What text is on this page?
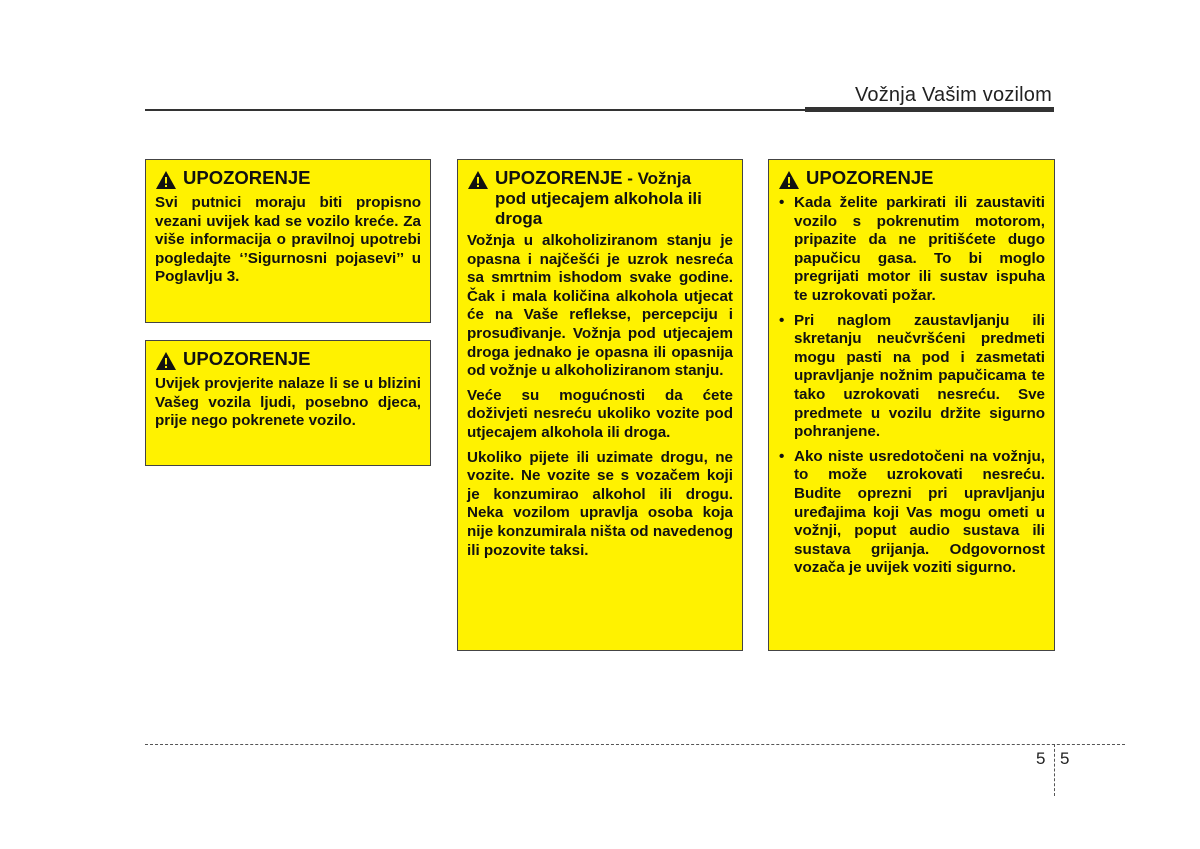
Vožnja Vašim vozilom
UPOZORENJE

Svi putnici moraju biti propisno vezani uvijek kad se vozilo kreće. Za više informacija o pravilnoj upotrebi pogledajte ‘’Sigurnosni pojasevi’’ u Poglavlju 3.

UPOZORENJE

Uvijek provjerite nalaze li se u blizini Vašeg vozila ljudi, posebno djeca, prije nego pokrenete vozilo.

UPOZORENJE - Vožnja
pod utjecajem alkohola ili droga

Vožnja u alkoholiziranom stanju je opasna i najčešći je uzrok nesreća sa smrtnim ishodom svake godine. Čak i mala količina alkohola utjecat će na Vaše reflekse, percepciju i prosuđivanje. Vožnja pod utjecajem droga jednako je opasna ili opasnija od vožnje u alkoholiziranom stanju.

Veće su mogućnosti da ćete doživjeti nesreću ukoliko vozite pod utjecajem alkohola ili droga.

Ukoliko pijete ili uzimate drogu, ne vozite. Ne vozite se s vozačem koji je konzumirao alkohol ili drogu. Neka vozilom upravlja osoba koja nije konzumirala ništa od navedenog ili pozovite taksi.

UPOZORENJE
• Kada želite parkirati ili zaustaviti vozilo s pokrenutim motorom, pripazite da ne pritišćete dugo papučicu gasa. To bi moglo pregrijati motor ili sustav ispuha te uzrokovati požar.
• Pri naglom zaustavljanju ili skretanju neučvršćeni predmeti mogu pasti na pod i zasmetati upravljanje nožnim papučicama te tako uzrokovati nesreću. Sve predmete u vozilu držite sigurno pohranjene.
• Ako niste usredotočeni na vožnju, to može uzrokovati nesreću. Budite oprezni pri upravljanju uređajima koji Vas mogu ometi u vožnji, poput audio sustava ili sustava grijanja. Odgovornost vozača je uvijek voziti sigurno.
5 5
